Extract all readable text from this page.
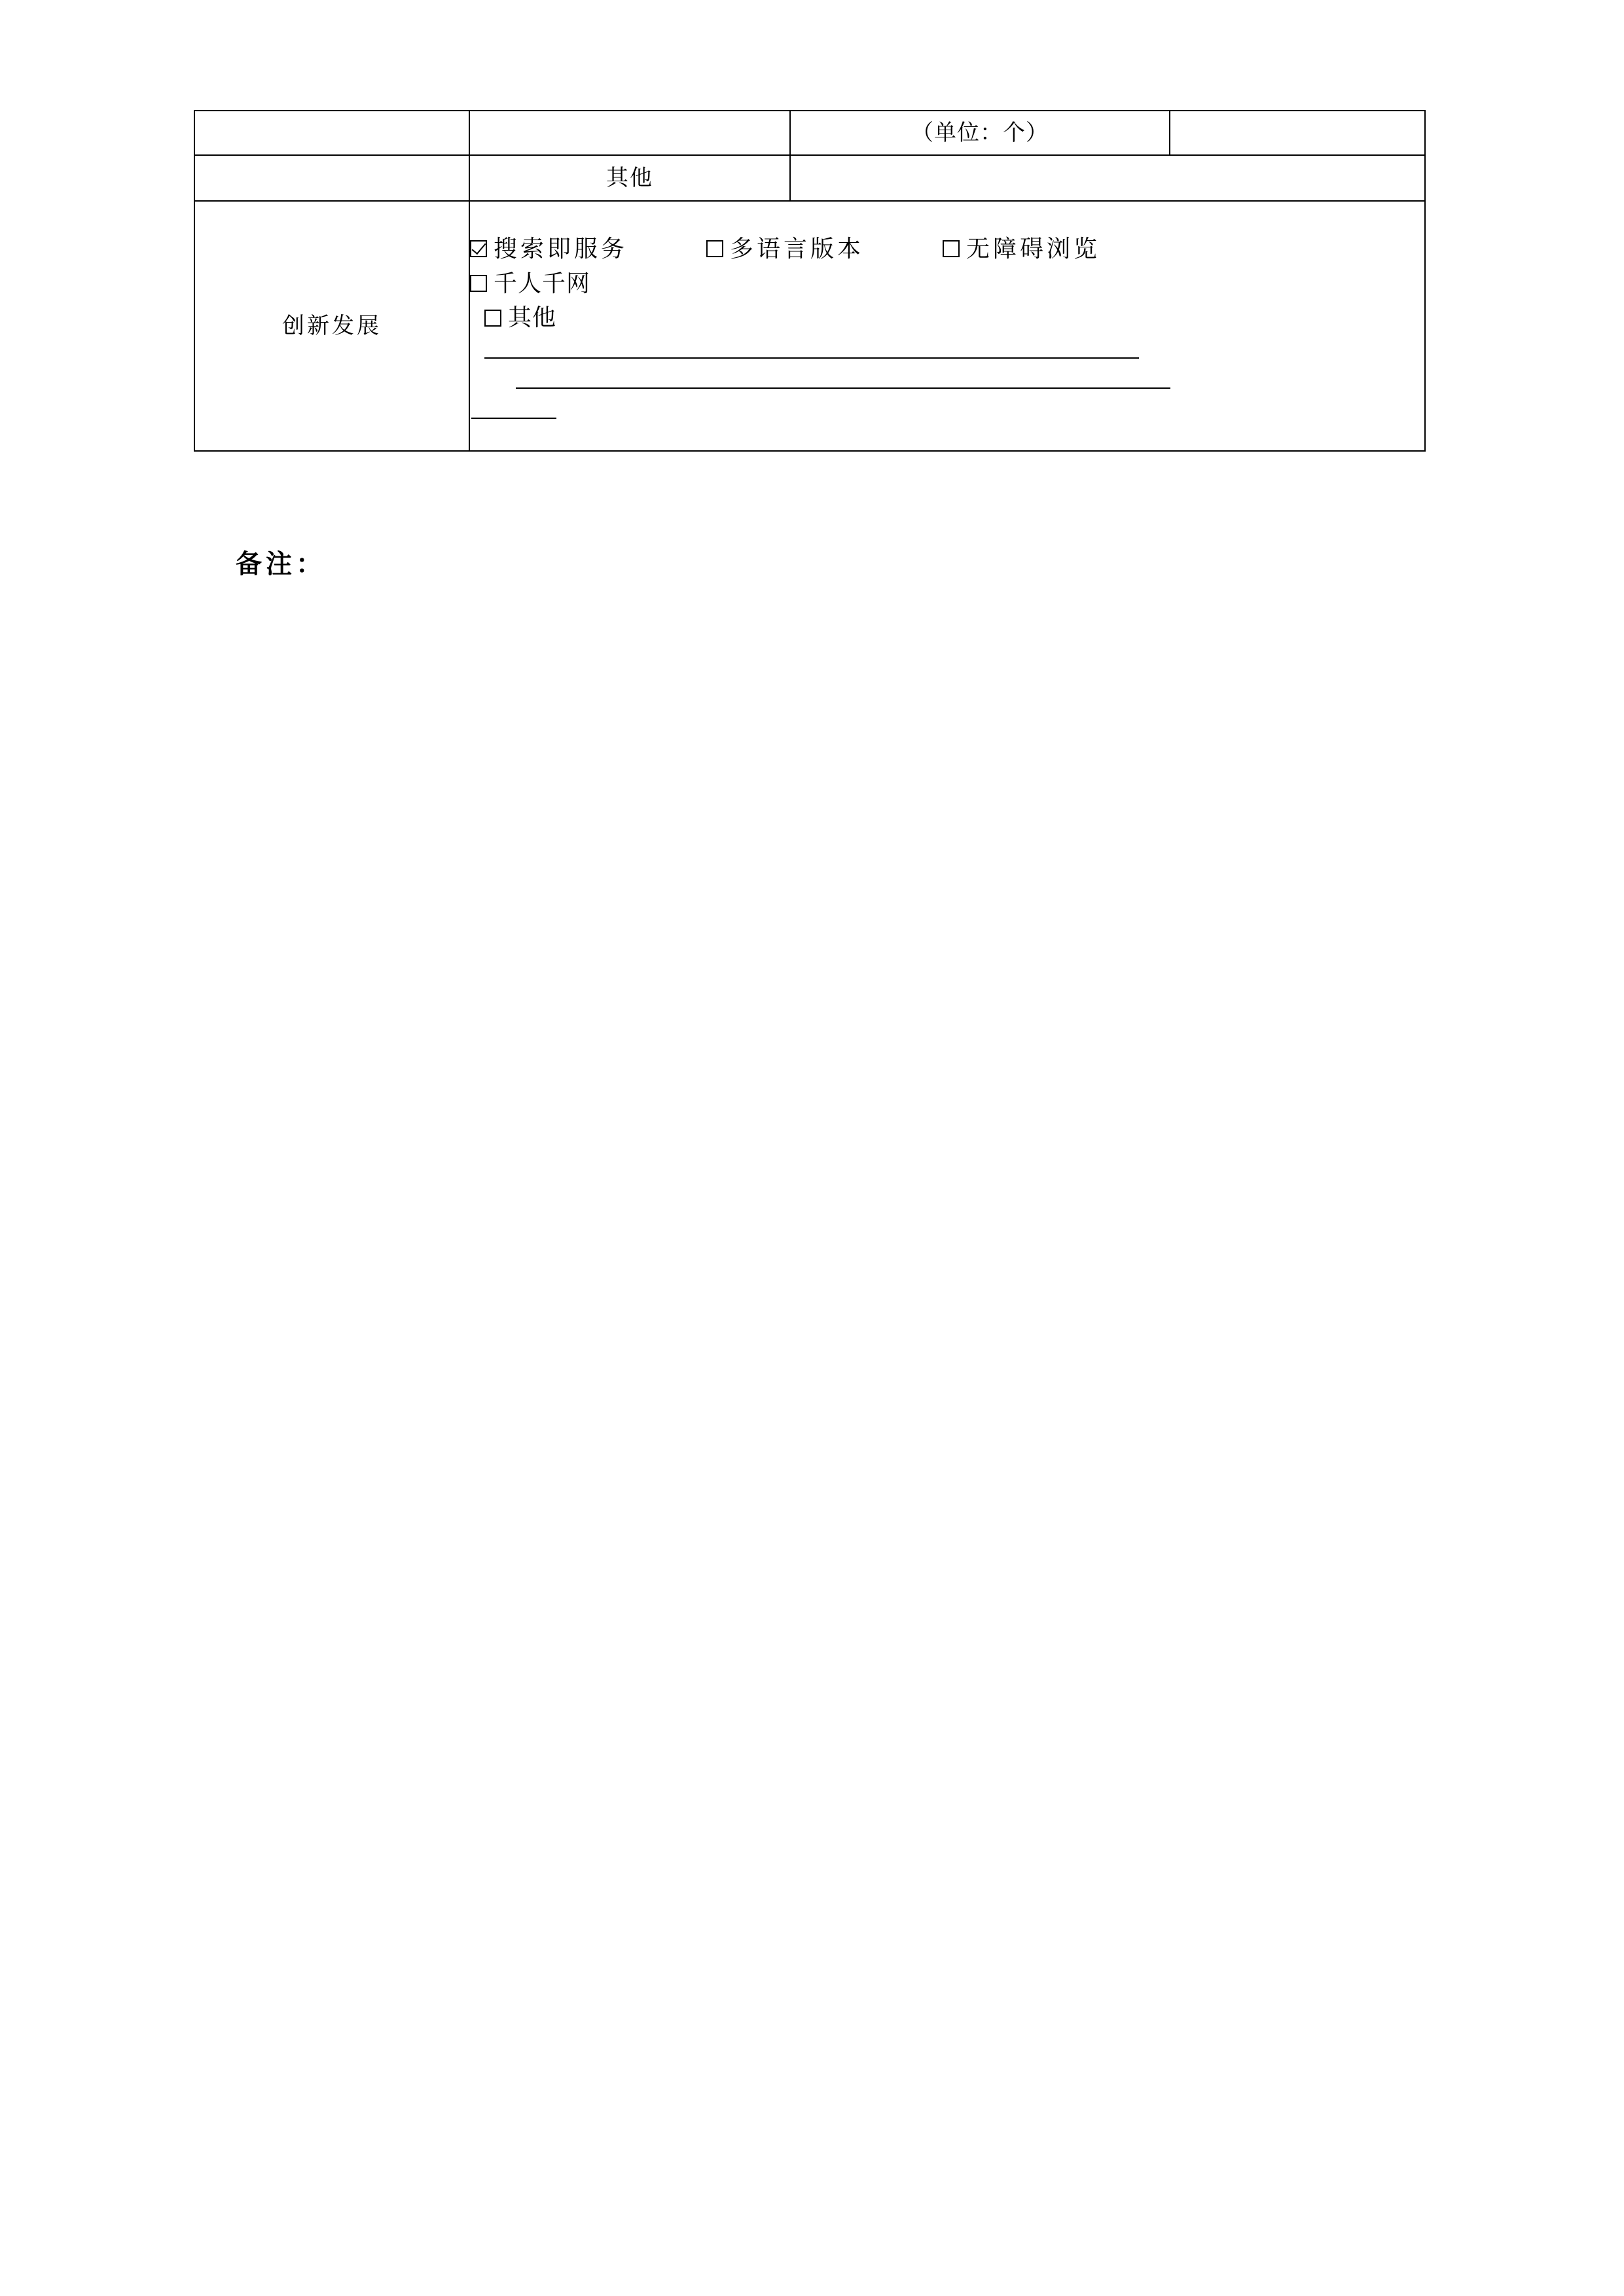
		（单位：个）	
	其他		
创新发展	搜索即服务 多语言版本 无障碍浏览
千人千网
其他		
备注：
